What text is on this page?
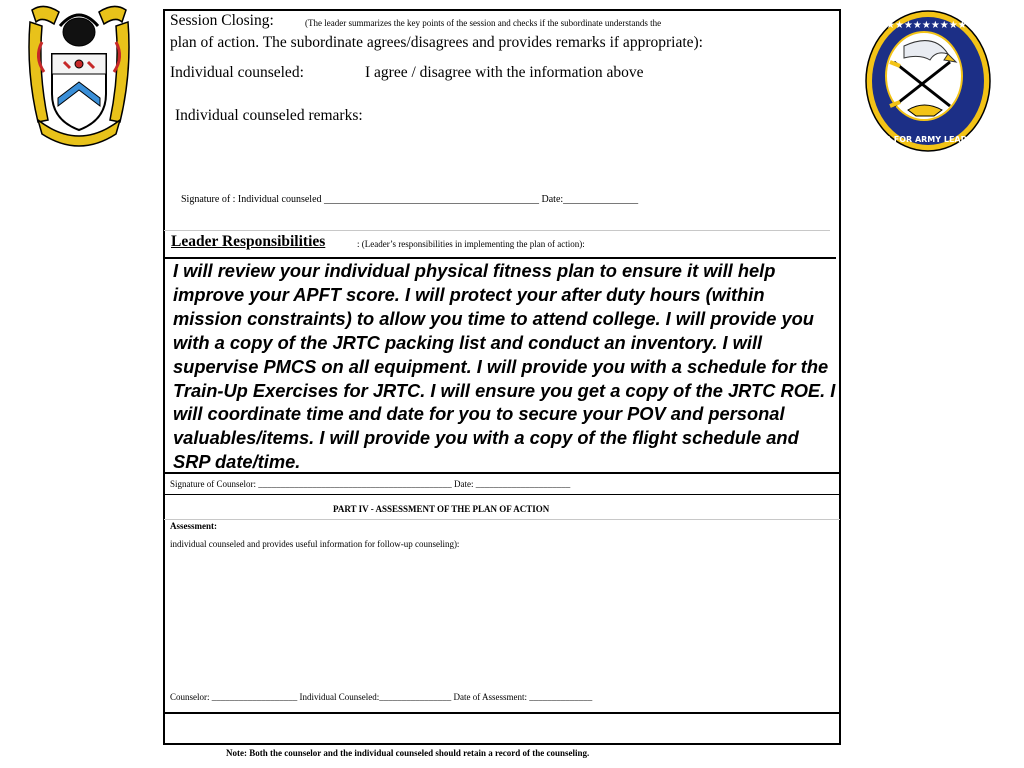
★★★★★★★★★
CENTER FOR ARMY LEADERSHIP
Session Closing:	(The leader summarizes the key points of the session and checks if the subordinate understands the
plan of action. The subordinate agrees/disagrees and provides remarks if appropriate):
Individual counseled:	I agree / disagree with the information above
Individual counseled remarks:
Signature of : Individual counseled ___________________________________________ Date:_______________
Leader Responsibilities	: (Leader’s responsibilities in implementing the plan of action):
I will review your individual physical fitness plan to ensure it will help improve your APFT score. I will protect your after duty hours (within mission constraints) to allow you time to attend college. I will provide you with a copy of the JRTC packing list and conduct an inventory. I will supervise PMCS on all equipment. I will provide you with a schedule for the Train-Up Exercises for JRTC. I will ensure you get a copy of the JRTC ROE. I will coordinate time and date for you to secure your POV and personal valuables/items. I will provide you with a copy of the flight schedule and SRP date/time.
Signature of Counselor: ___________________________________________ Date: _____________________
PART IV - ASSESSMENT OF THE PLAN OF ACTION
Assessment:
individual counseled and provides useful information for follow-up counseling):
Counselor: ___________________ Individual Counseled:________________ Date of Assessment: ______________
Note: Both the counselor and the individual counseled should retain a record of the counseling.
